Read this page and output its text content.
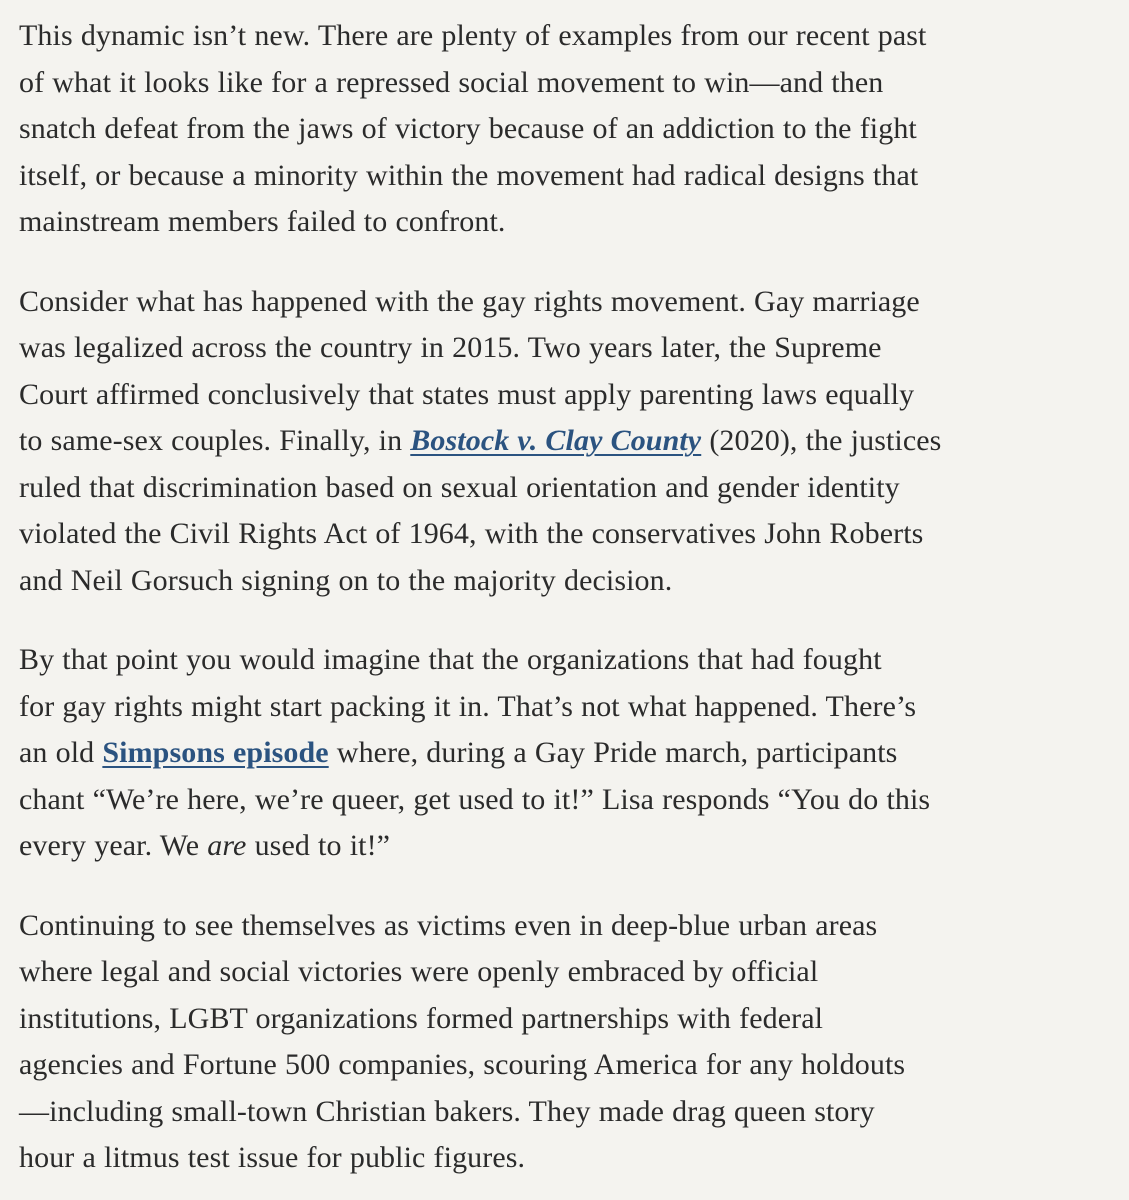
This dynamic isn’t new. There are plenty of examples from our recent past
of what it looks like for a repressed social movement to win—and then
snatch defeat from the jaws of victory because of an addiction to the fight
itself, or because a minority within the movement had radical designs that
mainstream members failed to confront.

Consider what has happened with the gay rights movement. Gay marriage
was legalized across the country in 2015. Two years later, the Supreme
Court affirmed conclusively that states must apply parenting laws equally
to same-sex couples. Finally, in Bostock v. Clay County (2020), the justices
ruled that discrimination based on sexual orientation and gender identity
violated the Civil Rights Act of 1964, with the conservatives John Roberts
and Neil Gorsuch signing on to the majority decision.

By that point you would imagine that the organizations that had fought
for gay rights might start packing it in. That’s not what happened. There’s
an old Simpsons episode where, during a Gay Pride march, participants
chant “We’re here, we’re queer, get used to it!” Lisa responds “You do this
every year. We are used to it!”

Continuing to see themselves as victims even in deep-blue urban areas
where legal and social victories were openly embraced by official
institutions, LGBT organizations formed partnerships with federal
agencies and Fortune 500 companies, scouring America for any holdouts
—including small-town Christian bakers. They made drag queen story
hour a litmus test issue for public figures.
